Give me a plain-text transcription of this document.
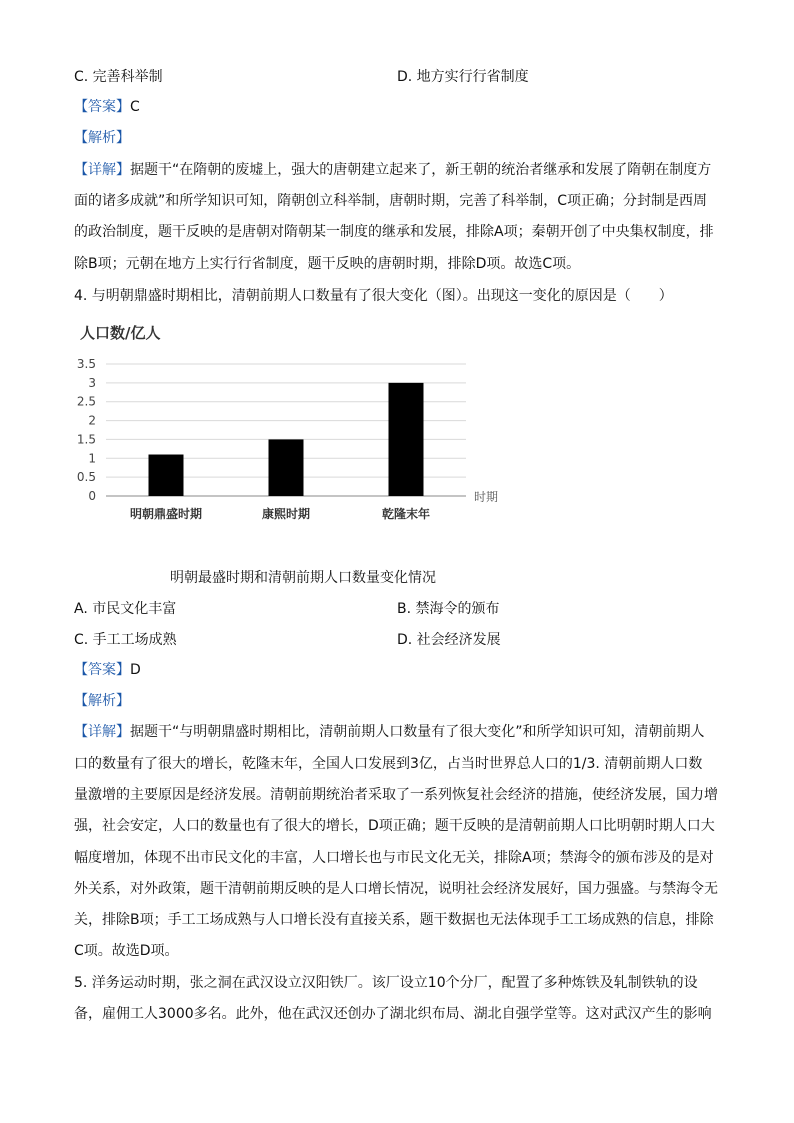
C. 完善科举制	D. 地方实行行省制度
【答案】C
【解析】
【详解】据题干“在隋朝的废墟上，强大的唐朝建立起来了，新王朝的统治者继承和发展了隋朝在制度方
面的诸多成就”和所学知识可知，隋朝创立科举制，唐朝时期，完善了科举制，C项正确；分封制是西周
的政治制度，题干反映的是唐朝对隋朝某一制度的继承和发展，排除A项；秦朝开创了中央集权制度，排
除B项；元朝在地方上实行行省制度，题干反映的唐朝时期，排除D项。故选C项。
4. 与明朝鼎盛时期相比，清朝前期人口数量有了很大变化（图）。出现这一变化的原因是（　　）
人口数/亿人
0
0.5
1
1.5
2
2.5
3
3.5
明朝鼎盛时期	康熙时期	乾隆末年
时期
明朝最盛时期和清朝前期人口数量变化情况
A. 市民文化丰富	B. 禁海令的颁布
C. 手工工场成熟	D. 社会经济发展
【答案】D
【解析】
【详解】据题干“与明朝鼎盛时期相比，清朝前期人口数量有了很大变化”和所学知识可知，清朝前期人
口的数量有了很大的增长，乾隆末年，全国人口发展到3亿，占当时世界总人口的1/3. 清朝前期人口数
量激增的主要原因是经济发展。清朝前期统治者采取了一系列恢复社会经济的措施，使经济发展，国力增
强，社会安定，人口的数量也有了很大的增长，D项正确；题干反映的是清朝前期人口比明朝时期人口大
幅度增加，体现不出市民文化的丰富，人口增长也与市民文化无关，排除A项；禁海令的颁布涉及的是对
外关系，对外政策，题干清朝前期反映的是人口增长情况，说明社会经济发展好，国力强盛。与禁海令无
关，排除B项；手工工场成熟与人口增长没有直接关系，题干数据也无法体现手工工场成熟的信息，排除
C项。故选D项。
5. 洋务运动时期，张之洞在武汉设立汉阳铁厂。该厂设立10个分厂，配置了多种炼铁及轧制铁轨的设
备，雇佣工人3000多名。此外，他在武汉还创办了湖北织布局、湖北自强学堂等。这对武汉产生的影响
